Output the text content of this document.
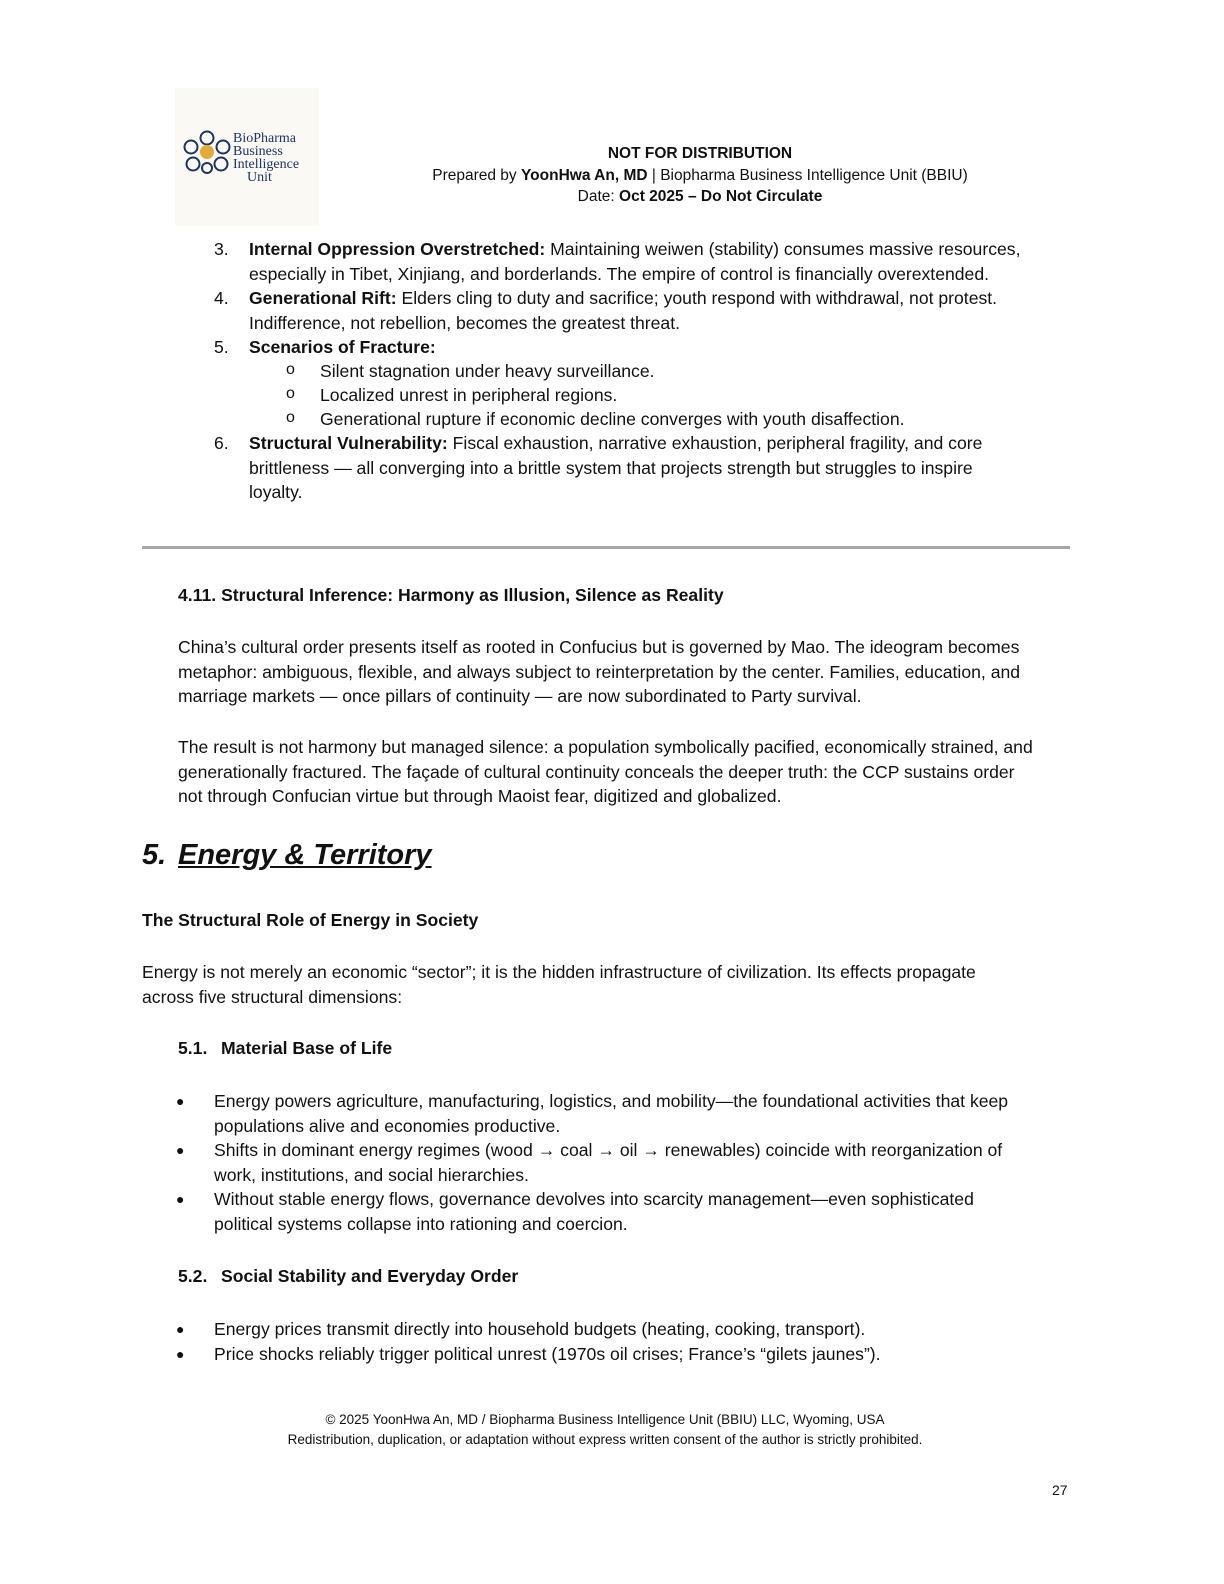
BioPharma
Business
Intelligence
Unit
NOT FOR DISTRIBUTION
Prepared by YoonHwa An, MD | Biopharma Business Intelligence Unit (BBIU)
Date: Oct 2025 – Do Not Circulate
3. Internal Oppression Overstretched: Maintaining weiwen (stability) consumes massive resources,
especially in Tibet, Xinjiang, and borderlands. The empire of control is financially overextended.

4. Generational Rift: Elders cling to duty and sacrifice; youth respond with withdrawal, not protest.
Indifference, not rebellion, becomes the greatest threat.

5. Scenarios of Fracture:

o Silent stagnation under heavy surveillance.
o Localized unrest in peripheral regions.
o Generational rupture if economic decline converges with youth disaffection.
6. Structural Vulnerability: Fiscal exhaustion, narrative exhaustion, peripheral fragility, and core
brittleness — all converging into a brittle system that projects strength but struggles to inspire
loyalty.

4.11. Structural Inference: Harmony as Illusion, Silence as Reality

China’s cultural order presents itself as rooted in Confucius but is governed by Mao. The ideogram becomes
metaphor: ambiguous, flexible, and always subject to reinterpretation by the center. Families, education, and
marriage markets — once pillars of continuity — are now subordinated to Party survival.

The result is not harmony but managed silence: a population symbolically pacified, economically strained, and
generationally fractured. The façade of cultural continuity conceals the deeper truth: the CCP sustains order
not through Confucian virtue but through Maoist fear, digitized and globalized.

5. Energy & Territory
The Structural Role of Energy in Society

Energy is not merely an economic “sector”; it is the hidden infrastructure of civilization. Its effects propagate
across five structural dimensions:

5.1. Material Base of Life
● Energy powers agriculture, manufacturing, logistics, and mobility—the foundational activities that keep
populations alive and economies productive.

● Shifts in dominant energy regimes (wood → coal → oil → renewables) coincide with reorganization of
work, institutions, and social hierarchies.

● Without stable energy flows, governance devolves into scarcity management—even sophisticated
political systems collapse into rationing and coercion.

5.2. Social Stability and Everyday Order
● Energy prices transmit directly into household budgets (heating, cooking, transport).

● Price shocks reliably trigger political unrest (1970s oil crises; France’s “gilets jaunes”).

© 2025 YoonHwa An, MD / Biopharma Business Intelligence Unit (BBIU) LLC, Wyoming, USA
Redistribution, duplication, or adaptation without express written consent of the author is strictly prohibited.
27
